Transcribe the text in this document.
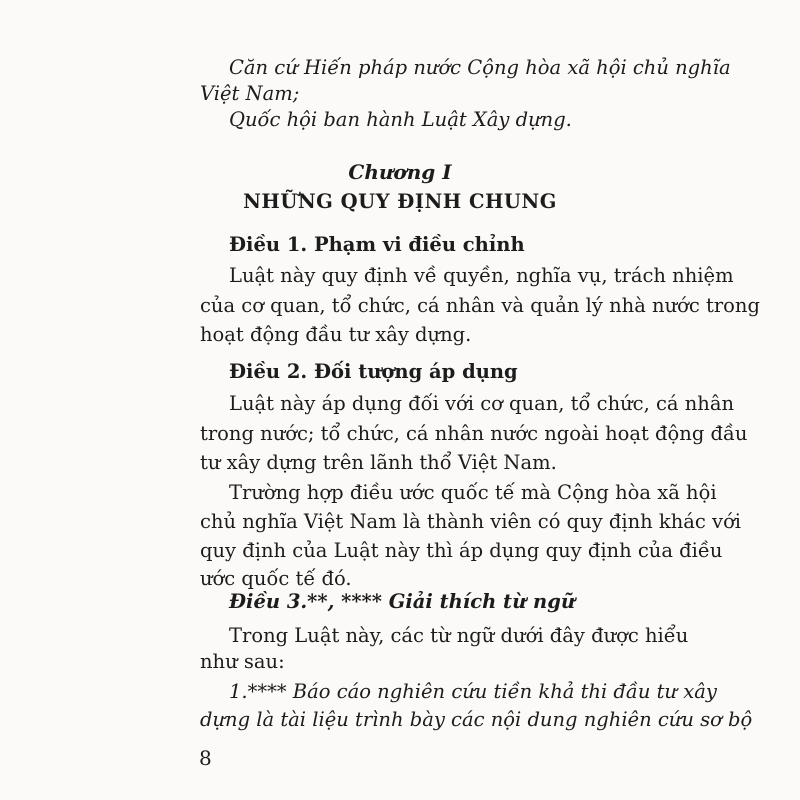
Căn cứ Hiến pháp nước Cộng hòa xã hội chủ nghĩa
Việt Nam;
Quốc hội ban hành Luật Xây dựng.
Chương I
NHỮNG QUY ĐỊNH CHUNG
Điều 1. Phạm vi điều chỉnh
Luật này quy định về quyền, nghĩa vụ, trách nhiệm
của cơ quan, tổ chức, cá nhân và quản lý nhà nước trong
hoạt động đầu tư xây dựng.
Điều 2. Đối tượng áp dụng
Luật này áp dụng đối với cơ quan, tổ chức, cá nhân
trong nước; tổ chức, cá nhân nước ngoài hoạt động đầu
tư xây dựng trên lãnh thổ Việt Nam.
Trường hợp điều ước quốc tế mà Cộng hòa xã hội
chủ nghĩa Việt Nam là thành viên có quy định khác với
quy định của Luật này thì áp dụng quy định của điều
ước quốc tế đó.
Điều 3.**, **** Giải thích từ ngữ
Trong Luật này, các từ ngữ dưới đây được hiểu
như sau:
1.**** Báo cáo nghiên cứu tiền khả thi đầu tư xây
dựng là tài liệu trình bày các nội dung nghiên cứu sơ bộ
8
